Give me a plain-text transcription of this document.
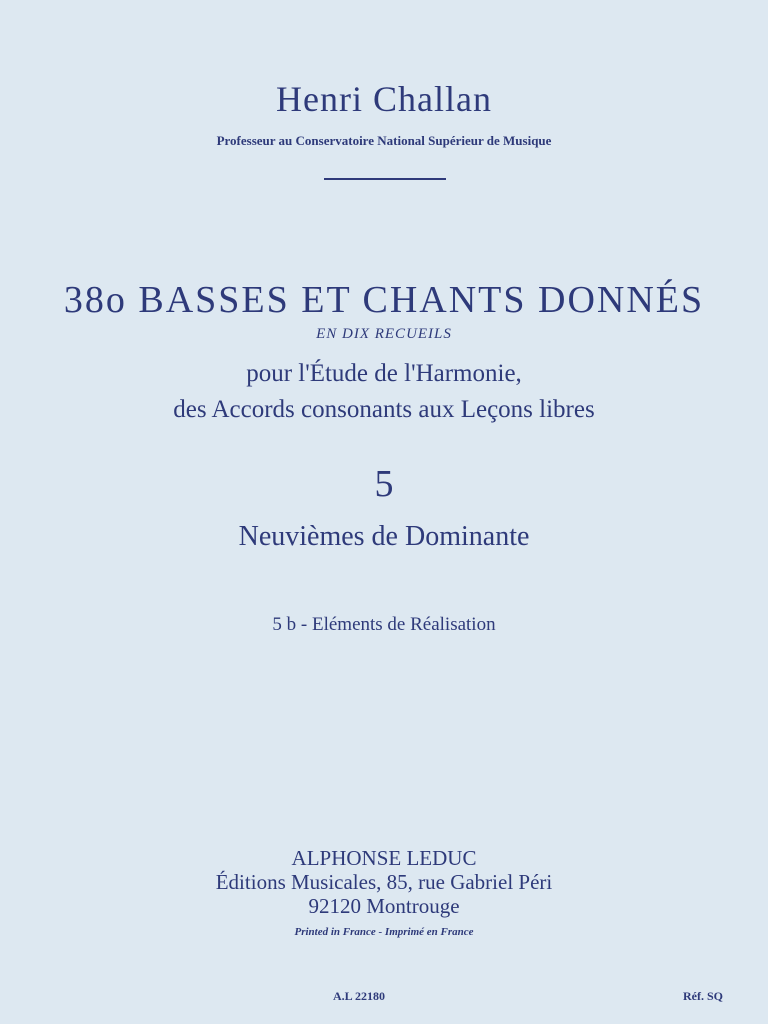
Henri Challan
Professeur au Conservatoire National Supérieur de Musique
38o BASSES ET CHANTS DONNÉS
EN DIX RECUEILS
pour l'Étude de l'Harmonie,
des Accords consonants aux Leçons libres
5
Neuvièmes de Dominante
5 b - Eléments de Réalisation
ALPHONSE LEDUC
Éditions Musicales, 85, rue Gabriel Péri
92120 Montrouge
Printed in France - Imprimé en France
A.L 22180	Réf. SQ
